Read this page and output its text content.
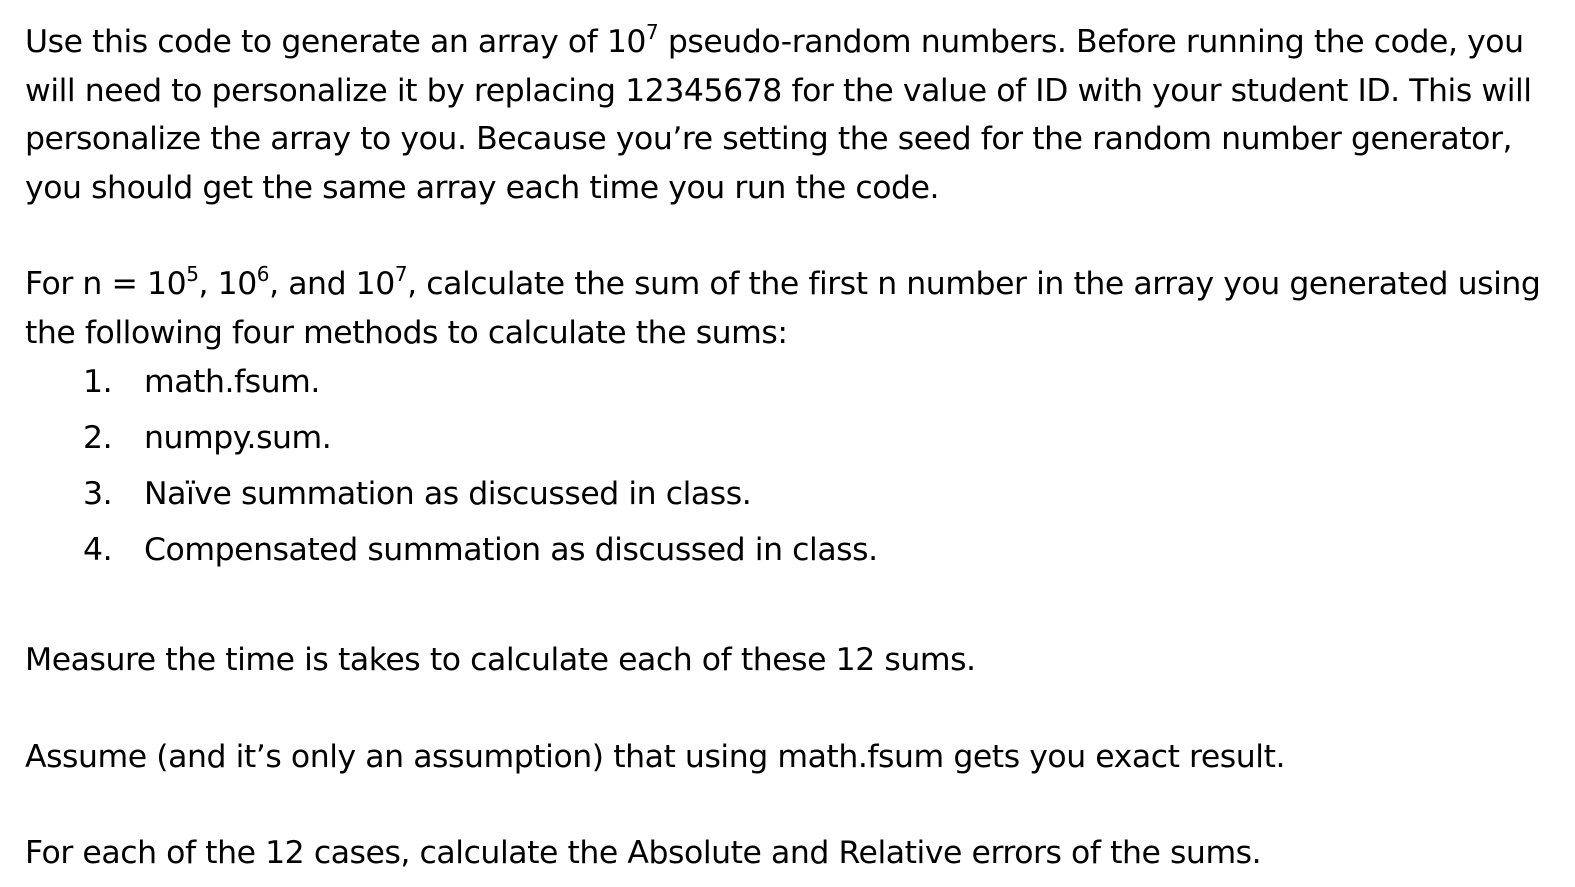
Use this code to generate an array of $10^7$ pseudo-random numbers. Before running the code, you will need to personalize it by replacing 12345678 for the value of ID with your student ID. This will personalize the array to you. Because you’re setting the seed for the random number generator, you should get the same array each time you run the code.

For $n = 10^5$, $10^6$, and $10^7$, calculate the sum of the first n number in the array you generated using the following four methods to calculate the sums:

1. math.fsum.
2. numpy.sum.
3. Naïve summation as discussed in class.
4. Compensated summation as discussed in class.

Measure the time is takes to calculate each of these 12 sums.

Assume (and it’s only an assumption) that using math.fsum gets you exact result.

For each of the 12 cases, calculate the Absolute and Relative errors of the sums.
